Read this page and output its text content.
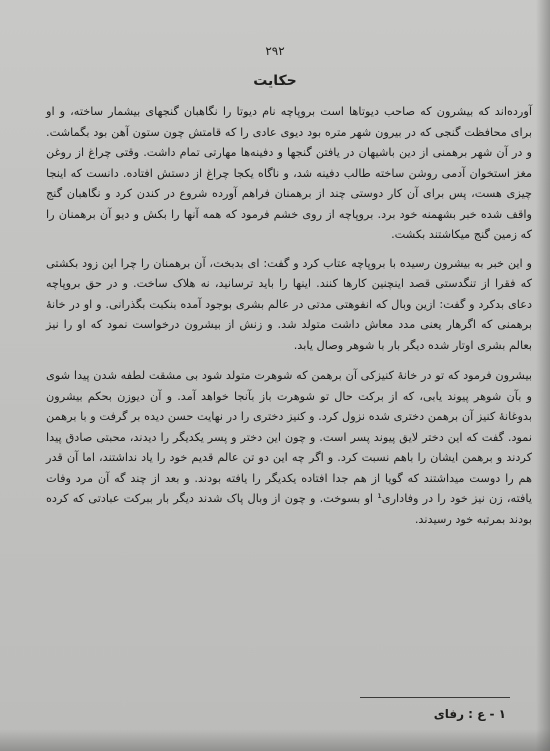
۲۹۲
حکایت

آورده‌اند که بیشرون که صاحب دیوتاها است برو‌پاچه نام دیوتا را نگاهبان گنجهای بیشمار ساخته، و او برای محافظت گنجی که در بیرون شهر متره بود دیوی عادی را که قامتش چون ستون آهن بود بگماشت. و در آن شهر برهمنی از دین باشیهان در یافتن گنجها و دفینه‌ها مهارتی تمام داشت. وقتی چراغ از روغن مغز استخوان آدمی روشن ساخته طالب دفینه شد، و ناگاه یکجا چراغ از دستش افتاده. دانست که اینجا چیزی هست، پس برای آن کار دوستی چند از برهمنان فراهم آورده شروع در کندن کرد و نگاهبان گنج واقف شده خبر بشهمنه خود برد. بروپاچه از روی خشم فرمود که همه آنها را بکش و دیو آن برهمنان را که زمین گنج میکاشتند بکشت.

و این خبر به بیشرون رسیده با بروپاچه عتاب کرد و گفت: ای بدبخت، آن برهمنان را چرا این زود بکشتی که فقرا از تنگدستی قصد اینچنین کارها کنند. اینها را باید ترسانید، نه هلاک ساخت. و در حق برو‌پاچه دعای بدکرد و گفت: ازین وبال که انفوهتی مدتی در عالم بشری بوجود آمده بنکبت بگذرانی. و او در خانهٔ برهمنی که اگرهار یعنی مدد معاش داشت متولد شد. و زنش از بیشرون درخواست نمود که او را نیز بعالم بشری اوتار شده دیگر بار با شوهر وصال یابد.

بیشرون فرمود که تو در خانهٔ کنیزکی آن برهمن که شوهرت متولد شود بی مشقت لطفه شدن پیدا شوی و بآن شوهر پیوند یابی، که از برکت حال تو شوهرت باز بآنجا خواهد آمد. و آن دیوزن بحکم بیشرون بدوغانهٔ کنیز آن برهمن دختری شده نزول کرد. و کنیز دختری را در نهایت حسن دیده بر گرفت و با برهمن نمود. گفت که این دختر لایق پیوند پسر است. و چون این دختر و پسر یکدیگر را دیدند، محبتی صادق پیدا کردند و برهمن ایشان را باهم نسبت کرد. و اگر چه این دو تن عالم قدیم خود را یاد نداشتند، اما آن قدر هم را دوست میداشتند که گویا از هم جدا افتاده یکدیگر را یافته بودند. و بعد از چند گه آن مرد وفات یافته، زن نیز خود را در وفاداری¹ او بسوخت. و چون از وبال پاک شدند دیگر بار ببرکت عبادتی که کرده بودند بمرتبه خود رسیدند.

۱ - ع : رفای
